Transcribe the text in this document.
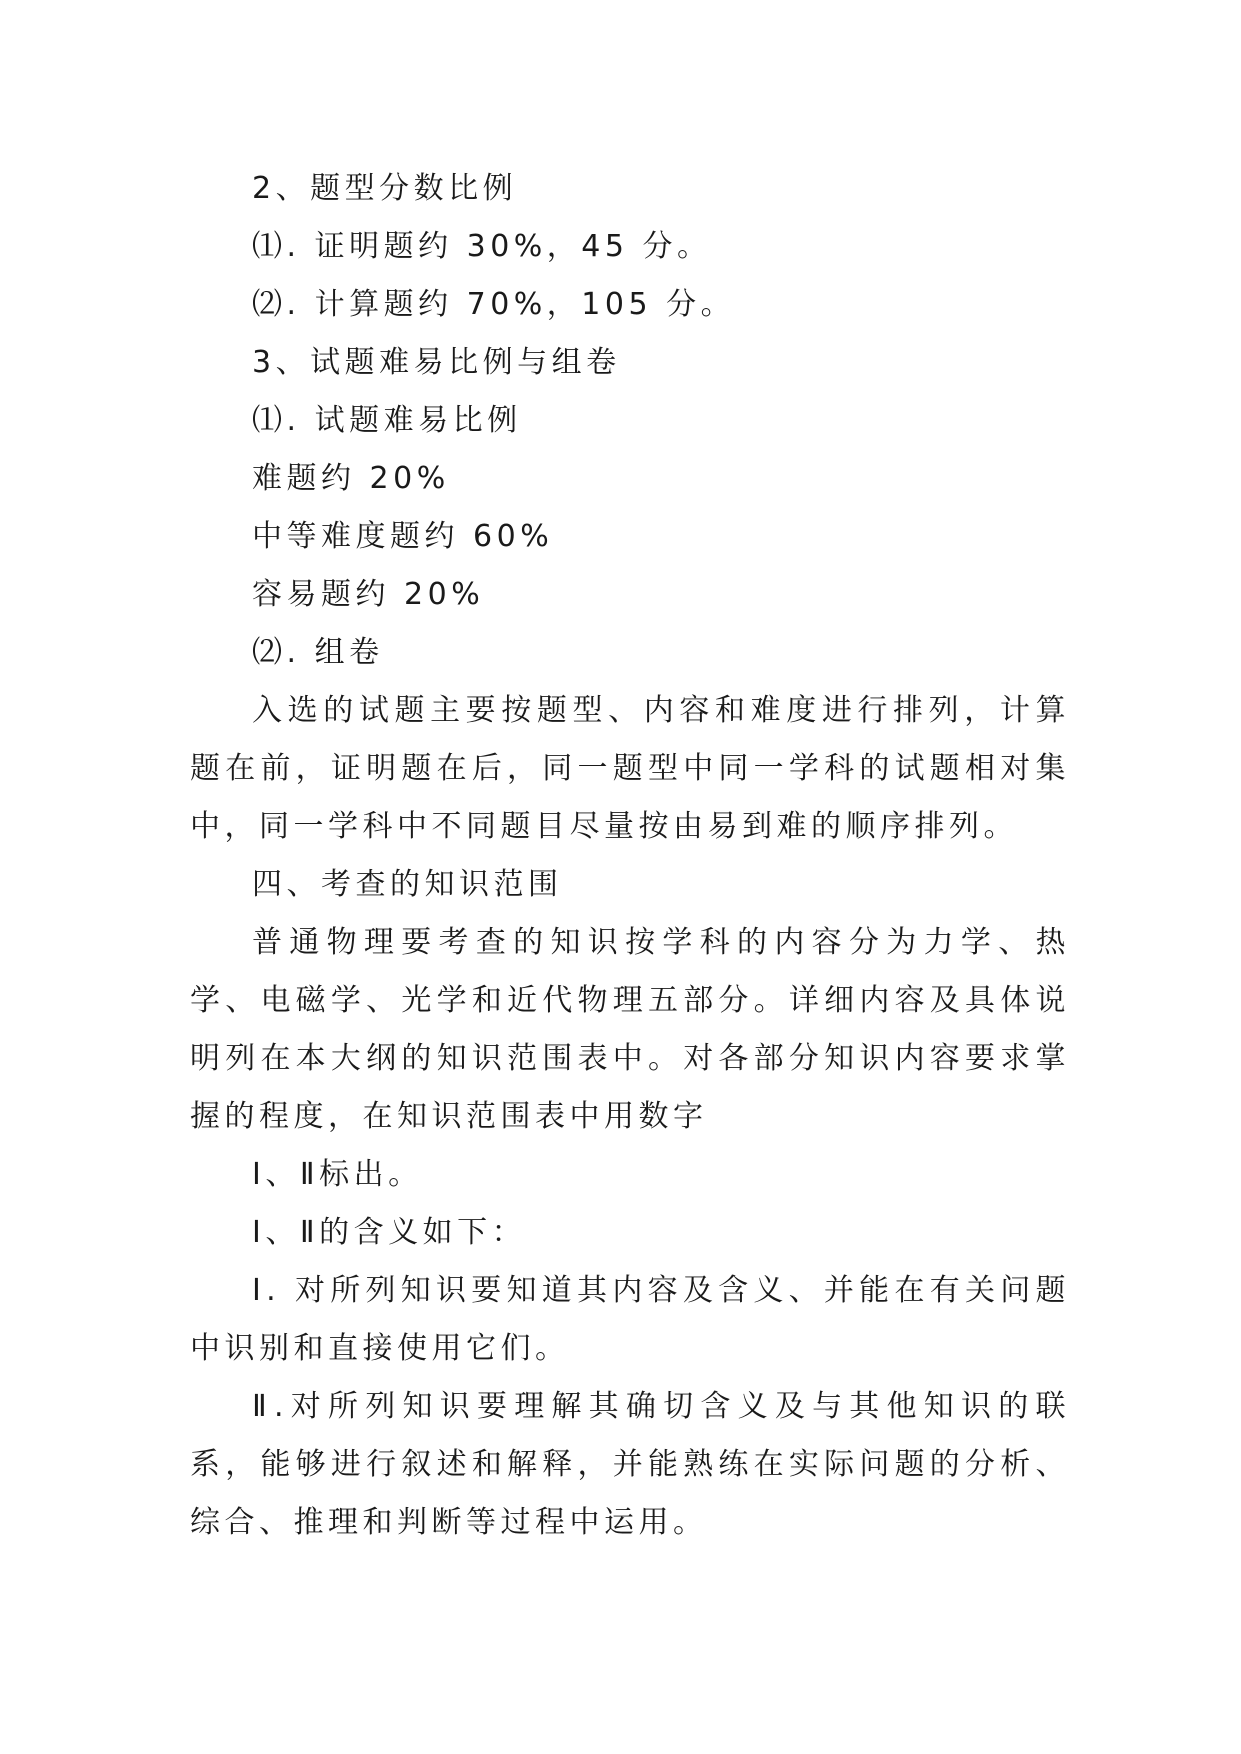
2、题型分数比例
⑴. 证明题约 30%，45 分。
⑵. 计算题约 70%，105 分。
3、试题难易比例与组卷
⑴. 试题难易比例
难题约 20%
中等难度题约 60%
容易题约 20%
⑵. 组卷

入选的试题主要按题型、内容和难度进行排列，计算题在前，证明题在后，同一题型中同一学科的试题相对集中，同一学科中不同题目尽量按由易到难的顺序排列。

四、考查的知识范围

普通物理要考查的知识按学科的内容分为力学、热学、电磁学、光学和近代物理五部分。详细内容及具体说明列在本大纲的知识范围表中。对各部分知识内容要求掌握的程度，在知识范围表中用数字

Ⅰ、Ⅱ标出。
Ⅰ、Ⅱ的含义如下：

Ⅰ. 对所列知识要知道其内容及含义、并能在有关问题中识别和直接使用它们。

Ⅱ.对所列知识要理解其确切含义及与其他知识的联系，能够进行叙述和解释，并能熟练在实际问题的分析、综合、推理和判断等过程中运用。
